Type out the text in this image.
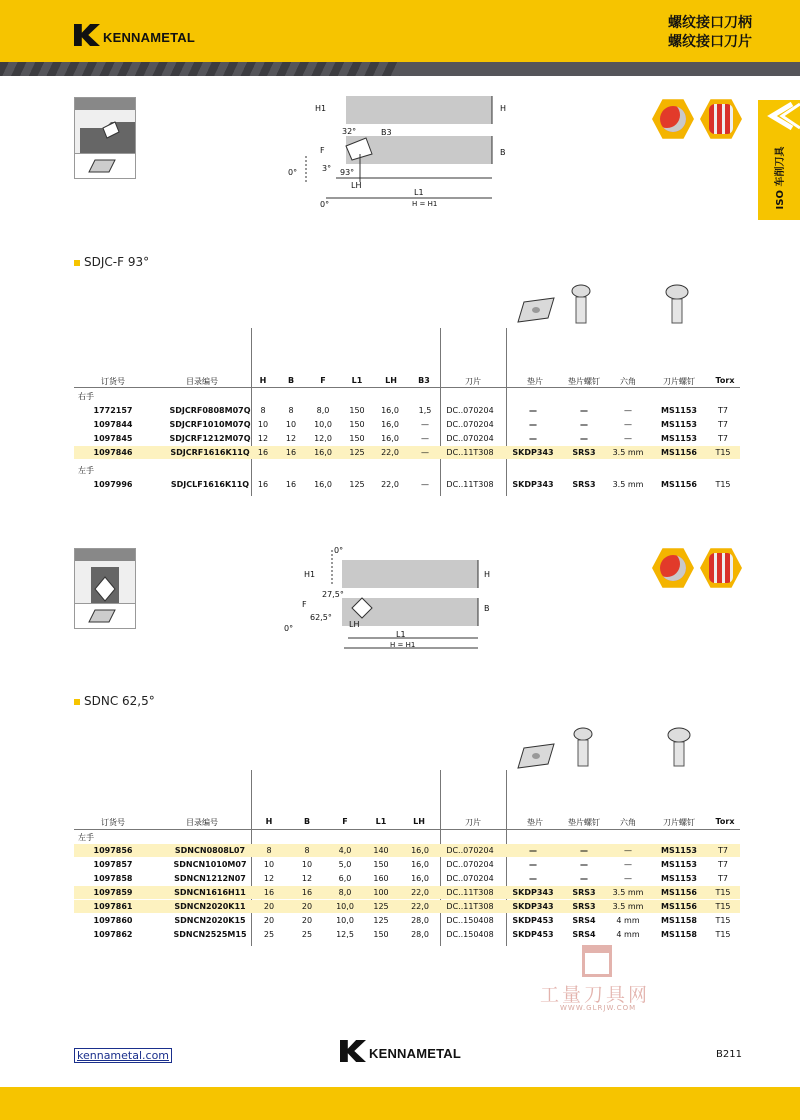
KENNAMETAL
螺纹接口刀柄
螺纹接口刀片
ISO 车削刀具
H1	H
32°	B3
F	B
0°	3° 93°
LH
L1
H = H1
0°
SDJC-F 93°
订货号	目录编号	H	B	F	L1	LH	B3	刀片	垫片	垫片螺钉	六角	刀片螺钉	Torx
右手
1772157	SDJCRF0808M07Q	8	8	8,0	150	16,0	1,5	DC..070204	—	—	—	MS1153	T7
1097844	SDJCRF1010M07Q 10	10	10,0	150	16,0	—	DC..070204	—	—	—	MS1153	T7
1097845	SDJCRF1212M07Q 12	12	12,0	150	16,0	—	DC..070204	—	—	—	MS1153	T7
1097846	SDJCRF1616K11Q	16	16	16,0	125	22,0	—	DC..11T308	SKDP343	SRS3	3.5 mm	MS1156	T15
左手
1097996	SDJCLF1616K11Q	16	16	16,0	125	22,0	—	DC..11T308	SKDP343	SRS3	3.5 mm	MS1156	T15
0°
H1	H
27,5°
F	B
62,5°
LH
0°
L1
H = H1
SDNC 62,5°
订货号	目录编号	H	B	F	L1	LH	刀片	垫片	垫片螺钉	六角	刀片螺钉	Torx
左手
1097856	SDNCN0808L07	8	8	4,0	140	16,0	DC..070204	—	—	—	MS1153	T7
1097857	SDNCN1010M07	10	10	5,0	150	16,0	DC..070204	—	—	—	MS1153	T7
1097858	SDNCN1212N07	12	12	6,0	160	16,0	DC..070204	—	—	—	MS1153	T7
1097859	SDNCN1616H11	16	16	8,0	100	22,0	DC..11T308	SKDP343	SRS3	3.5 mm	MS1156	T15
1097861	SDNCN2020K11	20	20	10,0	125	22,0	DC..11T308	SKDP343	SRS3	3.5 mm	MS1156	T15
1097860	SDNCN2020K15	20	20	10,0	125	28,0	DC..150408	SKDP453	SRS4	4 mm	MS1158	T15
1097862	SDNCN2525M15	25	25	12,5	150	28,0	DC..150408	SKDP453	SRS4	4 mm	MS1158	T15
工量刀具网
WWW.GLRJW.COM
kennametal.com	KENNAMETAL	B211
